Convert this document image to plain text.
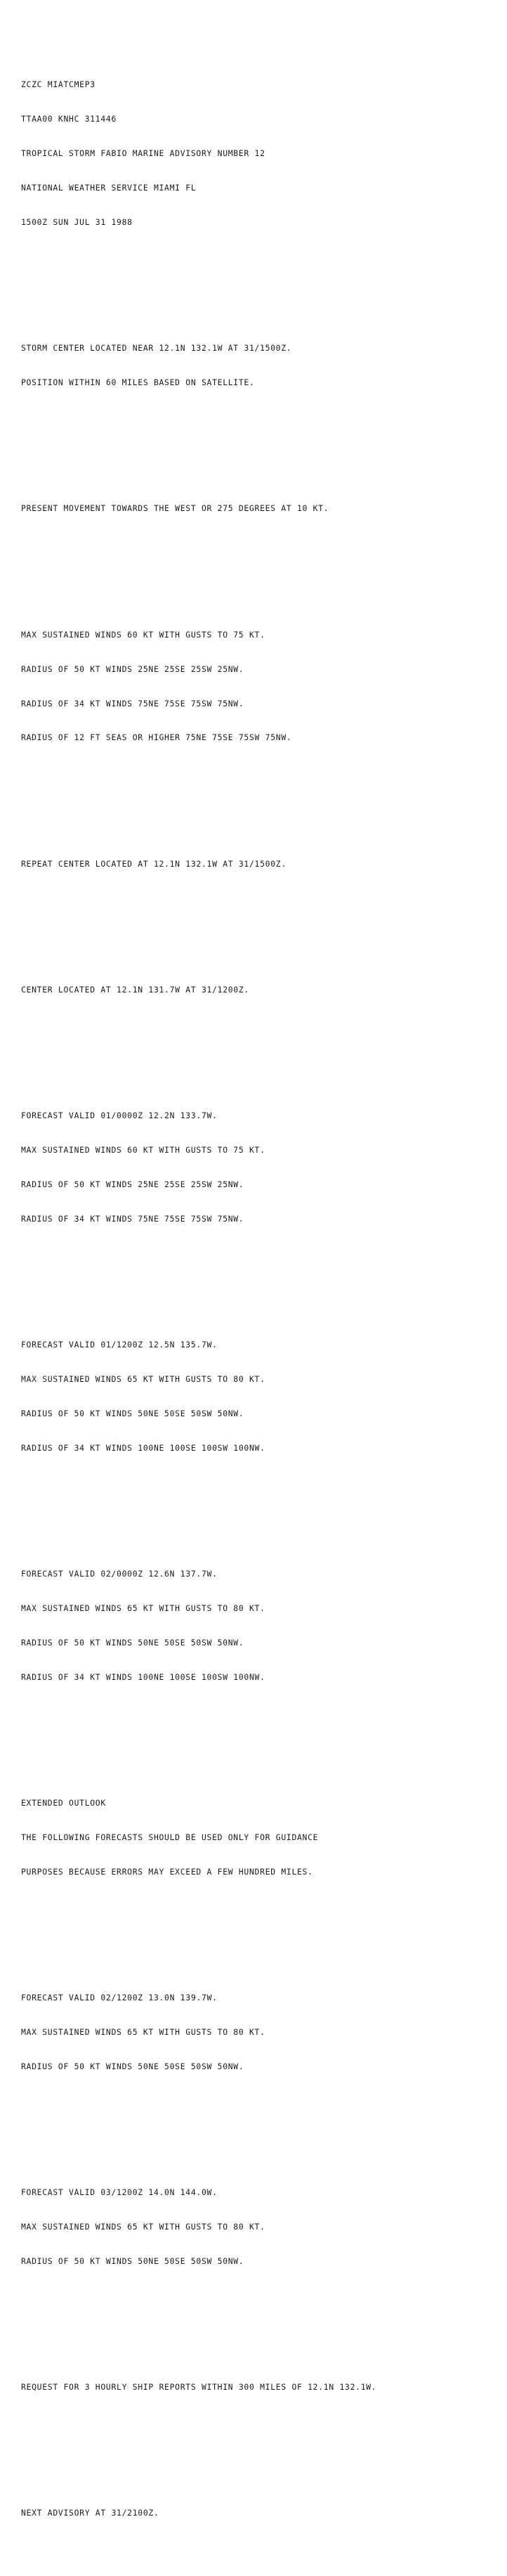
ZCZC MIATCMEP3

TTAA00 KNHC 311446

TROPICAL STORM FABIO MARINE ADVISORY NUMBER 12

NATIONAL WEATHER SERVICE MIAMI FL

1500Z SUN JUL 31 1988

STORM CENTER LOCATED NEAR 12.1N 132.1W AT 31/1500Z.

POSITION WITHIN 60 MILES BASED ON SATELLITE.

PRESENT MOVEMENT TOWARDS THE WEST OR 275 DEGREES AT 10 KT.

MAX SUSTAINED WINDS 60 KT WITH GUSTS TO 75 KT.

RADIUS OF 50 KT WINDS 25NE 25SE 25SW 25NW.

RADIUS OF 34 KT WINDS 75NE 75SE 75SW 75NW.

RADIUS OF 12 FT SEAS OR HIGHER 75NE 75SE 75SW 75NW.

REPEAT CENTER LOCATED AT 12.1N 132.1W AT 31/1500Z.

CENTER LOCATED AT 12.1N 131.7W AT 31/1200Z.

FORECAST VALID 01/0000Z 12.2N 133.7W.

MAX SUSTAINED WINDS 60 KT WITH GUSTS TO 75 KT.

RADIUS OF 50 KT WINDS 25NE 25SE 25SW 25NW.

RADIUS OF 34 KT WINDS 75NE 75SE 75SW 75NW.

FORECAST VALID 01/1200Z 12.5N 135.7W.

MAX SUSTAINED WINDS 65 KT WITH GUSTS TO 80 KT.

RADIUS OF 50 KT WINDS 50NE 50SE 50SW 50NW.

RADIUS OF 34 KT WINDS 100NE 100SE 100SW 100NW.

FORECAST VALID 02/0000Z 12.6N 137.7W.

MAX SUSTAINED WINDS 65 KT WITH GUSTS TO 80 KT.

RADIUS OF 50 KT WINDS 50NE 50SE 50SW 50NW.

RADIUS OF 34 KT WINDS 100NE 100SE 100SW 100NW.

EXTENDED OUTLOOK

THE FOLLOWING FORECASTS SHOULD BE USED ONLY FOR GUIDANCE

PURPOSES BECAUSE ERRORS MAY EXCEED A FEW HUNDRED MILES.

FORECAST VALID 02/1200Z 13.0N 139.7W.

MAX SUSTAINED WINDS 65 KT WITH GUSTS TO 80 KT.

RADIUS OF 50 KT WINDS 50NE 50SE 50SW 50NW.

FORECAST VALID 03/1200Z 14.0N 144.0W.

MAX SUSTAINED WINDS 65 KT WITH GUSTS TO 80 KT.

RADIUS OF 50 KT WINDS 50NE 50SE 50SW 50NW.

REQUEST FOR 3 HOURLY SHIP REPORTS WITHIN 300 MILES OF 12.1N 132.1W.

NEXT ADVISORY AT 31/2100Z.
